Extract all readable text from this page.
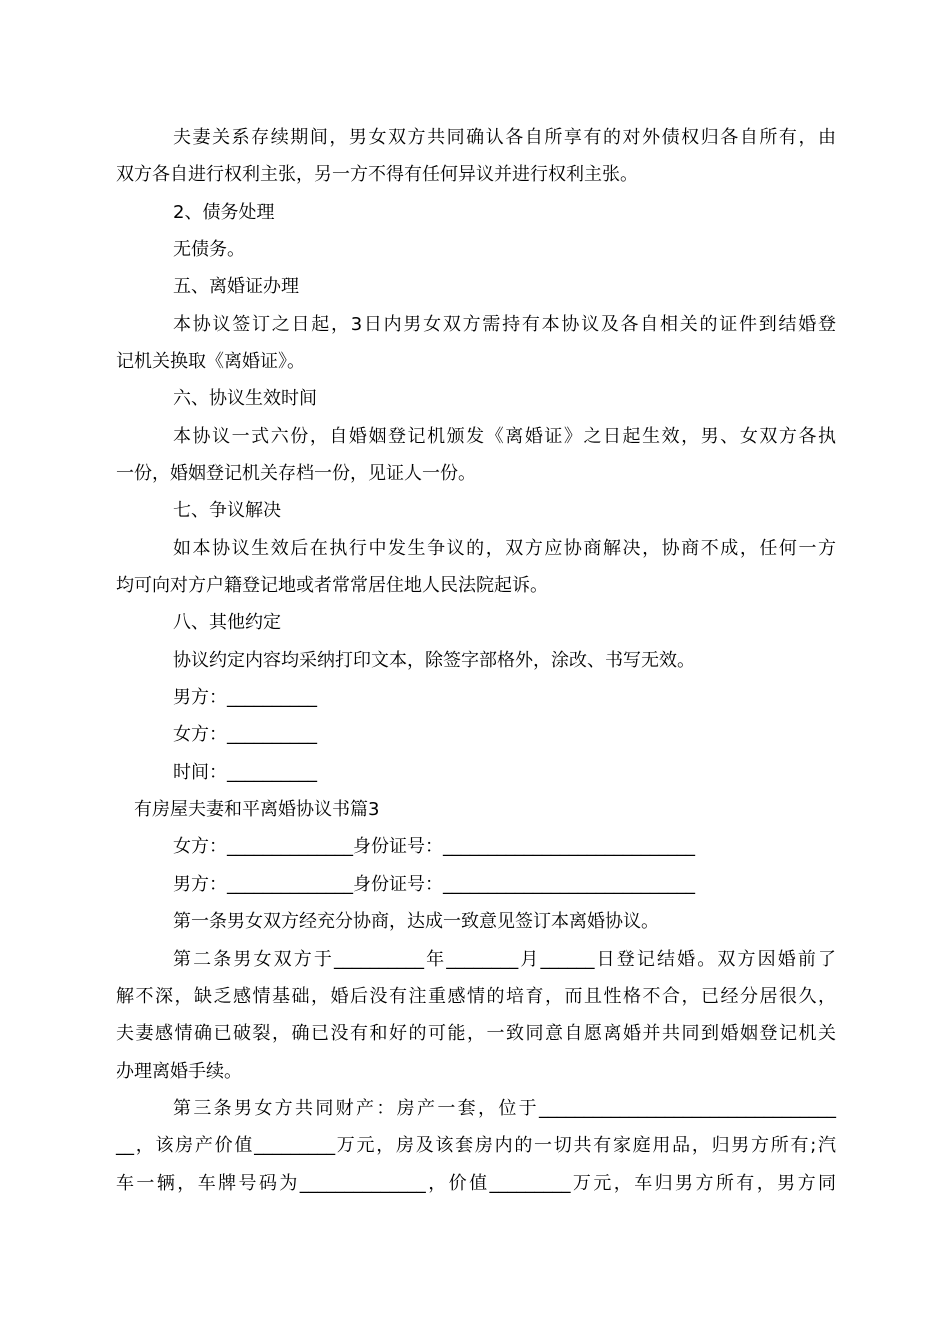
夫妻关系存续期间，男女双方共同确认各自所享有的对外债权归各自所有，由
双方各自进行权利主张，另一方不得有任何异议并进行权利主张。
2、债务处理
无债务。
五、离婚证办理
本协议签订之日起，3日内男女双方需持有本协议及各自相关的证件到结婚登
记机关换取《离婚证》。
六、协议生效时间
本协议一式六份，自婚姻登记机颁发《离婚证》之日起生效，男、女双方各执
一份，婚姻登记机关存档一份，见证人一份。
七、争议解决
如本协议生效后在执行中发生争议的，双方应协商解决，协商不成，任何一方
均可向对方户籍登记地或者常常居住地人民法院起诉。
八、其他约定
协议约定内容均采纳打印文本，除签字部格外，涂改、书写无效。
男方：__________
女方：__________
时间：__________
有房屋夫妻和平离婚协议书篇3
女方：______________身份证号：____________________________
男方：______________身份证号：____________________________
第一条男女双方经充分协商，达成一致意见签订本离婚协议。
第二条男女双方于__________年________月______日登记结婚。双方因婚前了
解不深，缺乏感情基础，婚后没有注重感情的培育，而且性格不合，已经分居很久，
夫妻感情确已破裂，确已没有和好的可能，一致同意自愿离婚并共同到婚姻登记机关
办理离婚手续。
第三条男女方共同财产：房产一套，位于_________________________________
__，该房产价值_________万元，房及该套房内的一切共有家庭用品，归男方所有;汽
车一辆，车牌号码为______________，价值_________万元，车归男方所有，男方同
